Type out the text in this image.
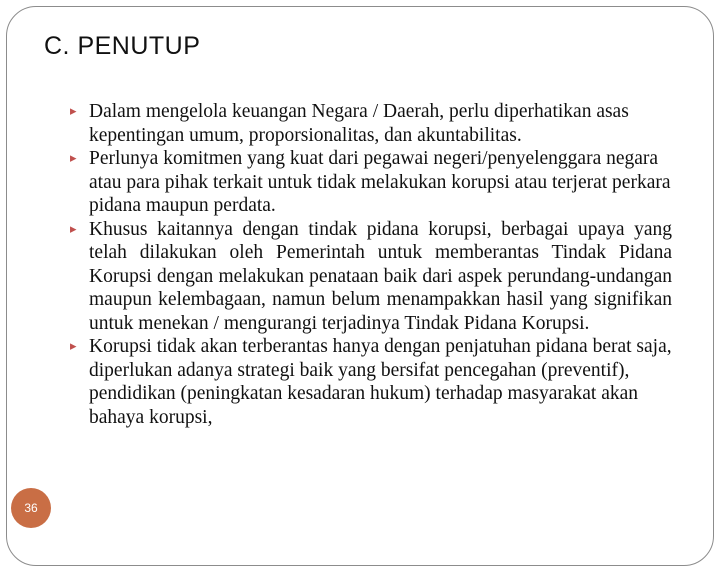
C. PENUTUP

▸ Dalam mengelola keuangan Negara / Daerah, perlu diperhatikan asas kepentingan umum, proporsionalitas, dan akuntabilitas.

▸ Perlunya komitmen yang kuat dari pegawai negeri/penyelenggara negara atau para pihak terkait untuk tidak melakukan korupsi atau terjerat perkara pidana maupun perdata.

▸ Khusus kaitannya dengan tindak pidana korupsi, berbagai upaya yang telah dilakukan oleh Pemerintah untuk memberantas Tindak Pidana Korupsi dengan melakukan penataan baik dari aspek perundang-undangan maupun kelembagaan, namun belum menampakkan hasil yang signifikan untuk menekan / mengurangi terjadinya Tindak Pidana Korupsi.

▸ Korupsi tidak akan terberantas hanya dengan penjatuhan pidana berat saja, diperlukan adanya strategi baik yang bersifat pencegahan (preventif), pendidikan (peningkatan kesadaran hukum) terhadap masyarakat akan bahaya korupsi,

36
